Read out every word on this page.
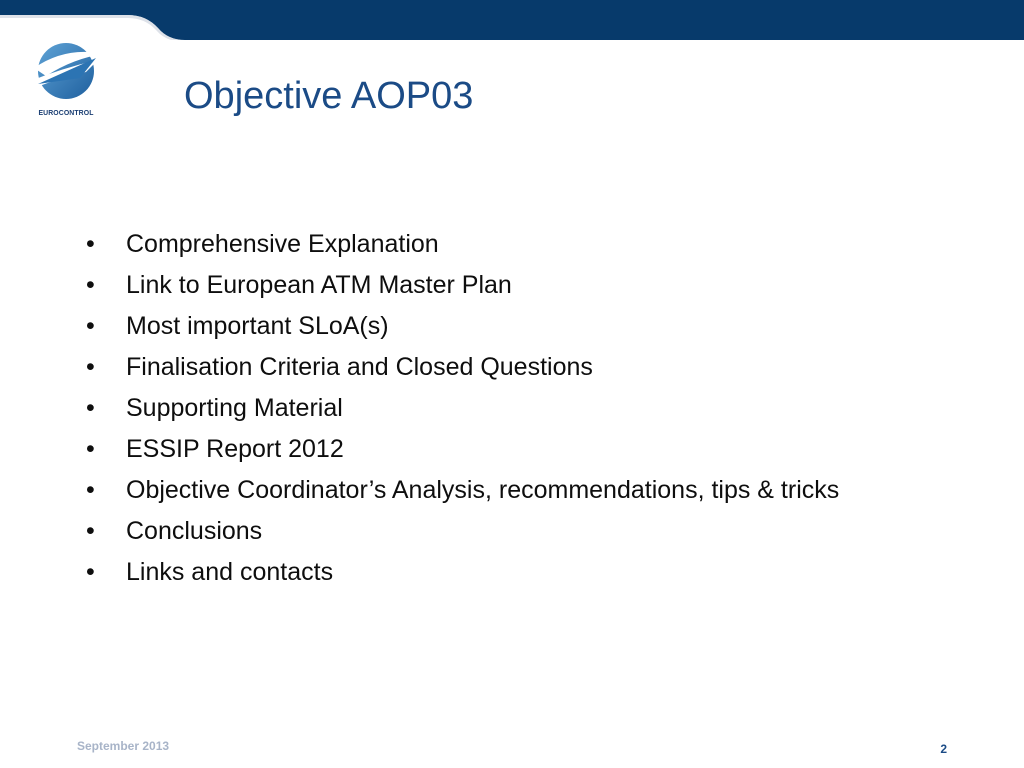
EUROCONTROL Objective AOP03
• Comprehensive Explanation
• Link to European ATM Master Plan
• Most important SLoA(s)
• Finalisation Criteria and Closed Questions
• Supporting Material
• ESSIP Report 2012
• Objective Coordinator’s Analysis, recommendations, tips & tricks
• Conclusions
• Links and contacts
September 2013	2
